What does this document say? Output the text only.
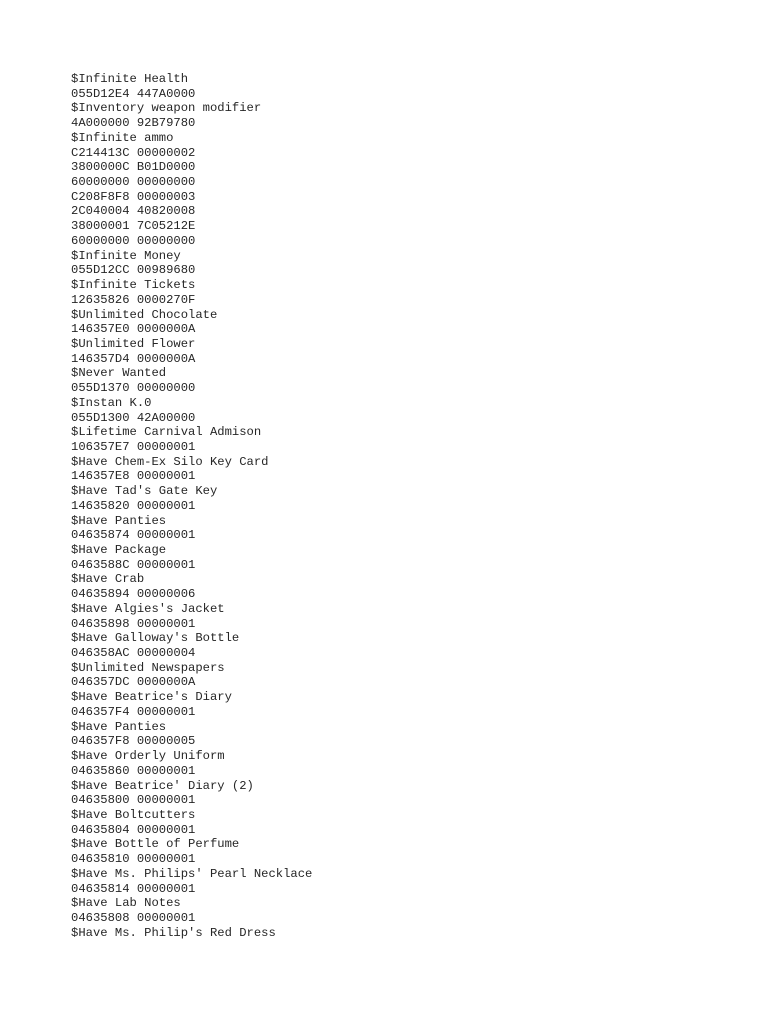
$Infinite Health
055D12E4 447A0000
$Inventory weapon modifier
4A000000 92B79780
$Infinite ammo
C214413C 00000002
3800000C B01D0000
60000000 00000000
C208F8F8 00000003
2C040004 40820008
38000001 7C05212E
60000000 00000000
$Infinite Money
055D12CC 00989680
$Infinite Tickets
12635826 0000270F
$Unlimited Chocolate
146357E0 0000000A
$Unlimited Flower
146357D4 0000000A
$Never Wanted
055D1370 00000000
$Instan K.0
055D1300 42A00000
$Lifetime Carnival Admison
106357E7 00000001
$Have Chem-Ex Silo Key Card
146357E8 00000001
$Have Tad's Gate Key
14635820 00000001
$Have Panties
04635874 00000001
$Have Package
0463588C 00000001
$Have Crab
04635894 00000006
$Have Algies's Jacket
04635898 00000001
$Have Galloway's Bottle
046358AC 00000004
$Unlimited Newspapers
046357DC 0000000A
$Have Beatrice's Diary
046357F4 00000001
$Have Panties
046357F8 00000005
$Have Orderly Uniform
04635860 00000001
$Have Beatrice' Diary (2)
04635800 00000001
$Have Boltcutters
04635804 00000001
$Have Bottle of Perfume
04635810 00000001
$Have Ms. Philips' Pearl Necklace
04635814 00000001
$Have Lab Notes
04635808 00000001
$Have Ms. Philip's Red Dress
